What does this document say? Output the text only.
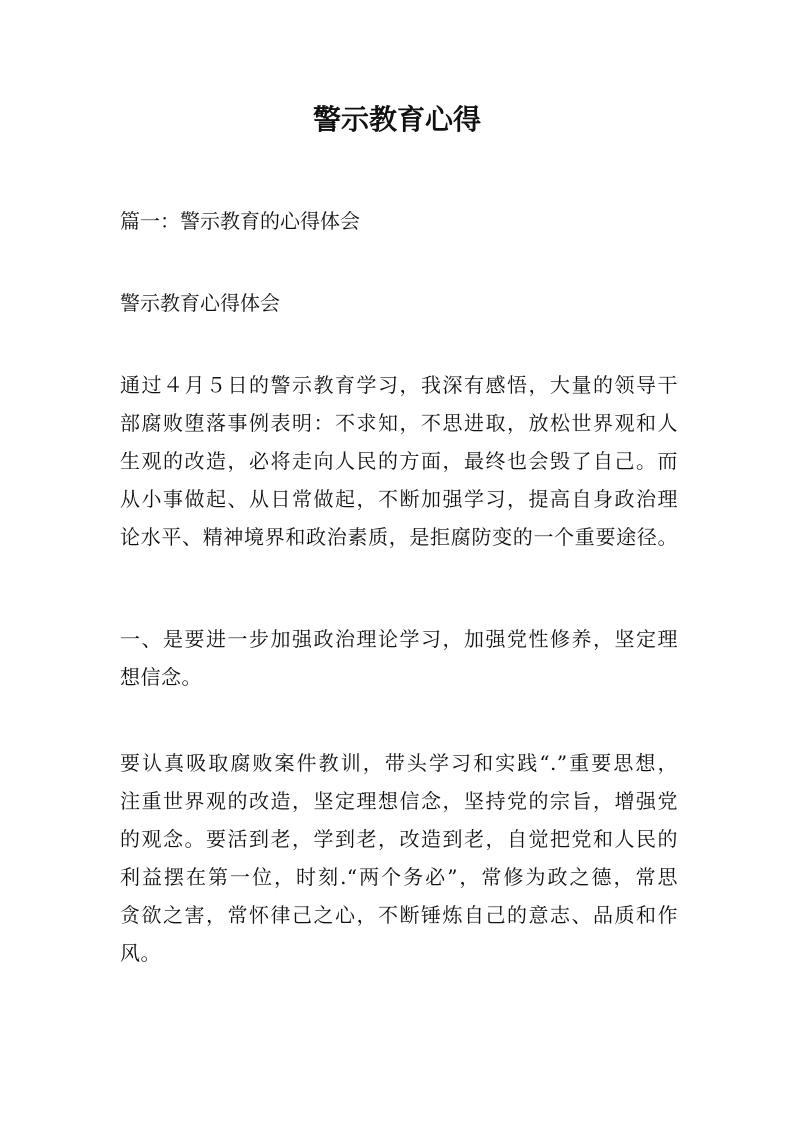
警示教育心得

篇一：警示教育的心得体会

警示教育心得体会

通过４月５日的警示教育学习，我深有感悟，大量的领导干
部腐败堕落事例表明：不求知，不思进取，放松世界观和人
生观的改造，必将走向人民的方面，最终也会毁了自己。而
从小事做起、从日常做起，不断加强学习，提高自身政治理
论水平、精神境界和政治素质，是拒腐防变的一个重要途径。

一、是要进一步加强政治理论学习，加强党性修养，坚定理
想信念。

要认真吸取腐败案件教训，带头学习和实践“.”重要思想，
注重世界观的改造，坚定理想信念，坚持党的宗旨，增强党
的观念。要活到老，学到老，改造到老，自觉把党和人民的
利益摆在第一位，时刻.“两个务必”，常修为政之德，常思
贪欲之害，常怀律己之心，不断锤炼自己的意志、品质和作
风。
